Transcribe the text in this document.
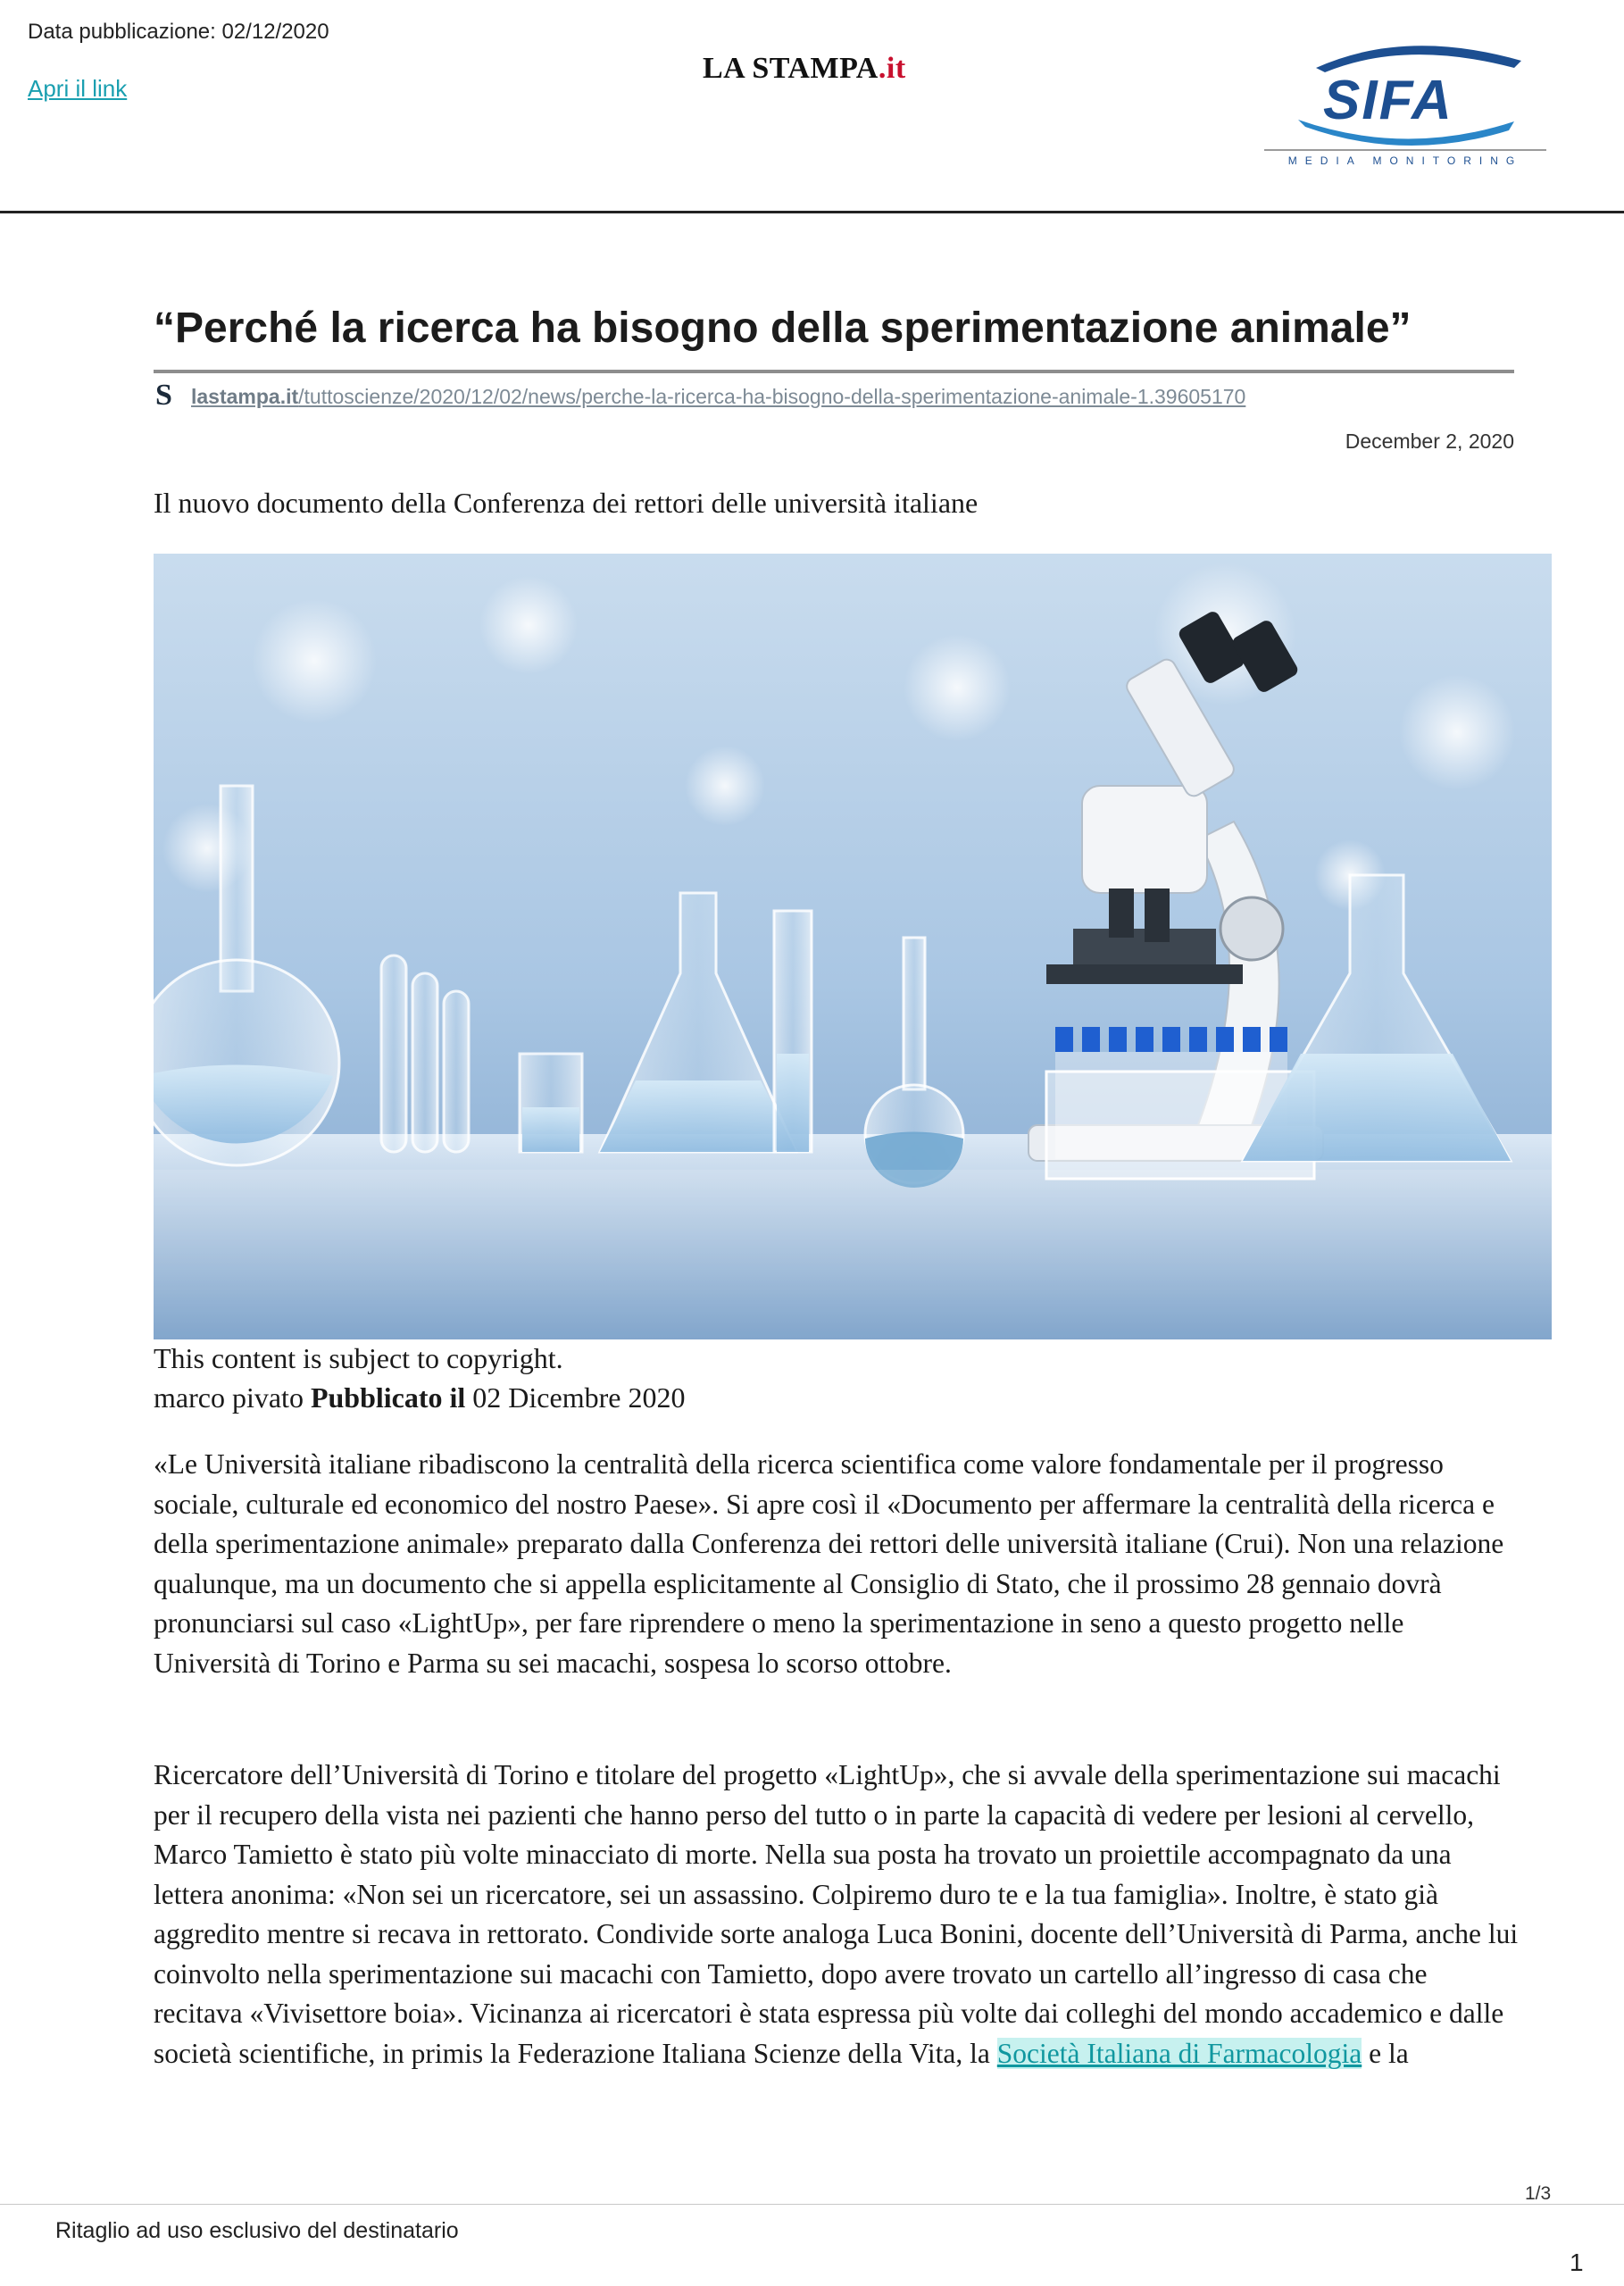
Data pubblicazione: 02/12/2020
Apri il link
LA STAMPA.it
SIFA
MEDIA MONITORING
“Perché la ricerca ha bisogno della sperimentazione animale”
S lastampa.it/tuttoscienze/2020/12/02/news/perche-la-ricerca-ha-bisogno-della-sperimentazione-animale-1.39605170
December 2, 2020
Il nuovo documento della Conferenza dei rettori delle università italiane
This content is subject to copyright.
marco pivato Pubblicato il 02 Dicembre 2020

«Le Università italiane ribadiscono la centralità della ricerca scientifica come valore fondamentale per il progresso sociale, culturale ed economico del nostro Paese». Si apre così il «Documento per affermare la centralità della ricerca e della sperimentazione animale» preparato dalla Conferenza dei rettori delle università italiane (Crui). Non una relazione qualunque, ma un documento che si appella esplicitamente al Consiglio di Stato, che il prossimo 28 gennaio dovrà pronunciarsi sul caso «LightUp», per fare riprendere o meno la sperimentazione in seno a questo progetto nelle Università di Torino e Parma su sei macachi, sospesa lo scorso ottobre.

Ricercatore dell’Università di Torino e titolare del progetto «LightUp», che si avvale della sperimentazione sui macachi per il recupero della vista nei pazienti che hanno perso del tutto o in parte la capacità di vedere per lesioni al cervello, Marco Tamietto è stato più volte minacciato di morte. Nella sua posta ha trovato un proiettile accompagnato da una lettera anonima: «Non sei un ricercatore, sei un assassino. Colpiremo duro te e la tua famiglia». Inoltre, è stato già aggredito mentre si recava in rettorato. Condivide sorte analoga Luca Bonini, docente dell’Università di Parma, anche lui coinvolto nella sperimentazione sui macachi con Tamietto, dopo avere trovato un cartello all’ingresso di casa che recitava «Vivisettore boia». Vicinanza ai ricercatori è stata espressa più volte dai colleghi del mondo accademico e dalle società scientifiche, in primis la Federazione Italiana Scienze della Vita, la Società Italiana di Farmacologia e la

1/3
Ritaglio ad uso esclusivo del destinatario
1
